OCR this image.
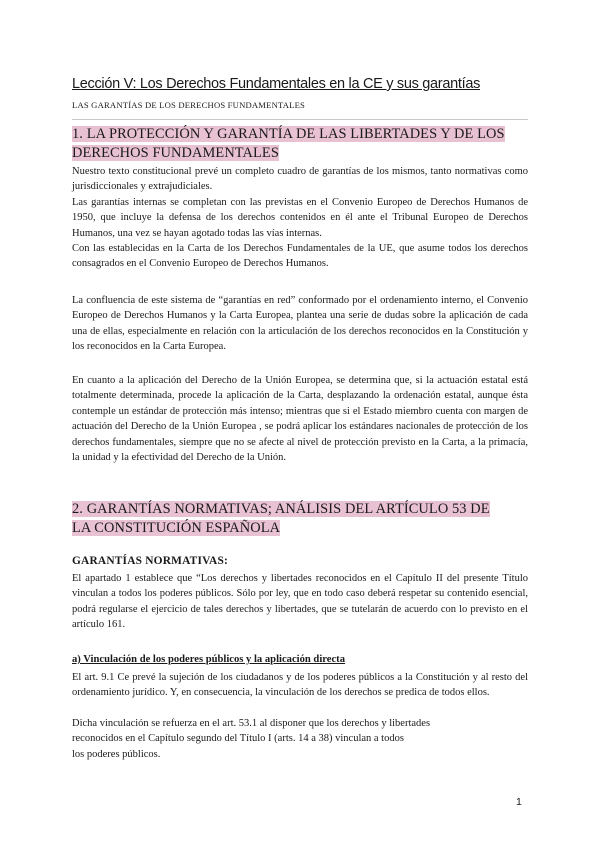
Lección V: Los Derechos Fundamentales en la CE y sus garantías
LAS GARANTÍAS DE LOS DERECHOS FUNDAMENTALES
1. LA PROTECCIÓN Y GARANTÍA DE LAS LIBERTADES Y DE LOS
DERECHOS FUNDAMENTALES

Nuestro texto constitucional prevé un completo cuadro de garantías de los mismos, tanto normativas como jurisdiccionales y extrajudiciales.

Las garantías internas se completan con las previstas en el Convenio Europeo de Derechos Humanos de 1950, que incluye la defensa de los derechos contenidos en él ante el Tribunal Europeo de Derechos Humanos, una vez se hayan agotado todas las vías internas.

Con las establecidas en la Carta de los Derechos Fundamentales de la UE, que asume todos los derechos consagrados en el Convenio Europeo de Derechos Humanos.

La confluencia de este sistema de “garantías en red” conformado por el ordenamiento interno, el Convenio Europeo de Derechos Humanos y la Carta Europea, plantea una serie de dudas sobre la aplicación de cada una de ellas, especialmente en relación con la articulación de los derechos reconocidos en la Constitución y los reconocidos en la Carta Europea.

En cuanto a la aplicación del Derecho de la Unión Europea, se determina que, si la actuación estatal está totalmente determinada, procede la aplicación de la Carta, desplazando la ordenación estatal, aunque ésta contemple un estándar de protección más intenso; mientras que si el Estado miembro cuenta con margen de actuación del Derecho de la Unión Europea , se podrá aplicar los estándares nacionales de protección de los derechos fundamentales, siempre que no se afecte al nivel de protección previsto en la Carta, a la primacía, la unidad y la efectividad del Derecho de la Unión.

2. GARANTÍAS NORMATIVAS; ANÁLISIS DEL ARTÍCULO 53 DE
LA CONSTITUCIÓN ESPAÑOLA
GARANTÍAS NORMATIVAS:

El apartado 1 establece que “Los derechos y libertades reconocidos en el Capítulo II del presente Título vinculan a todos los poderes públicos. Sólo por ley, que en todo caso deberá respetar su contenido esencial, podrá regularse el ejercicio de tales derechos y libertades, que se tutelarán de acuerdo con lo previsto en el artículo 161.

a) Vinculación de los poderes públicos y la aplicación directa

El art. 9.1 Ce prevé la sujeción de los ciudadanos y de los poderes públicos a la Constitución y al resto del ordenamiento jurídico. Y, en consecuencia, la vinculación de los derechos se predica de todos ellos.

Dicha vinculación se refuerza en el art. 53.1 al disponer que los derechos y libertades

reconocidos en el Capítulo segundo del Título I (arts. 14 a 38) vinculan a todos

los poderes públicos.

1
